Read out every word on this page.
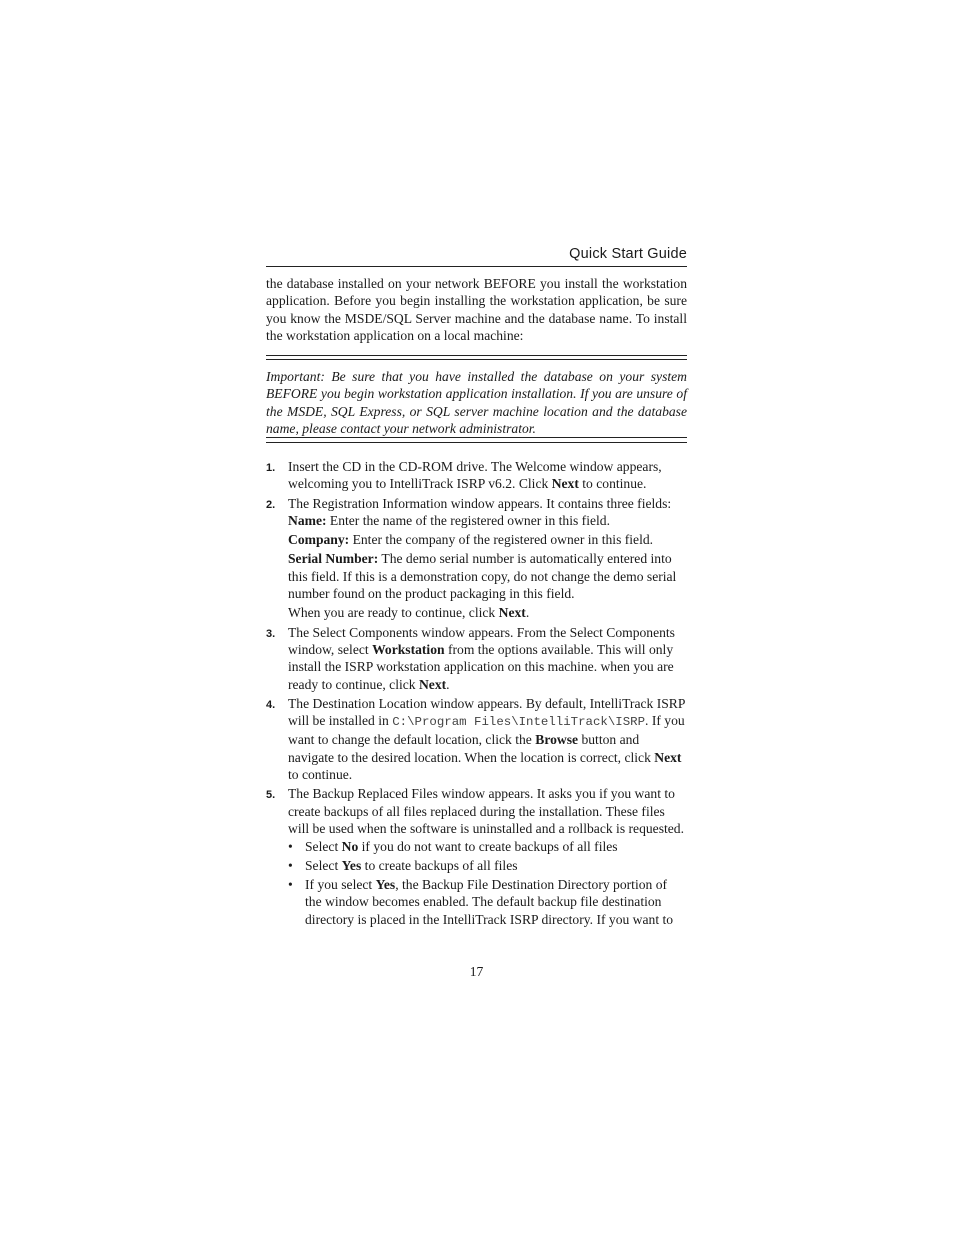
Quick Start Guide
the database installed on your network BEFORE you install the workstation application. Before you begin installing the workstation application, be sure you know the MSDE/SQL Server machine and the database name. To install the workstation application on a local machine:
Important: Be sure that you have installed the database on your system BEFORE you begin workstation application installation. If you are unsure of the MSDE, SQL Express, or SQL server machine location and the database name, please contact your network administrator.
1. Insert the CD in the CD-ROM drive. The Welcome window appears, welcoming you to IntelliTrack ISRP v6.2. Click Next to continue.

2. The Registration Information window appears. It contains three fields:

Name: Enter the name of the registered owner in this field.

Company: Enter the company of the registered owner in this field.

Serial Number: The demo serial number is automatically entered into this field. If this is a demonstration copy, do not change the demo serial number found on the product packaging in this field.

When you are ready to continue, click Next.

3. The Select Components window appears. From the Select Components window, select Workstation from the options available. This will only install the ISRP workstation application on this machine. when you are ready to continue, click Next.

4. The Destination Location window appears. By default, IntelliTrack ISRP will be installed in C:\Program Files\IntelliTrack\ISRP. If you want to change the default location, click the Browse button and navigate to the desired location. When the location is correct, click Next to continue.

5. The Backup Replaced Files window appears. It asks you if you want to create backups of all files replaced during the installation. These files will be used when the software is uninstalled and a rollback is requested.

• Select No if you do not want to create backups of all files
• Select Yes to create backups of all files
• If you select Yes, the Backup File Destination Directory portion of the window becomes enabled. The default backup file destination directory is placed in the IntelliTrack ISRP directory. If you want to
17
